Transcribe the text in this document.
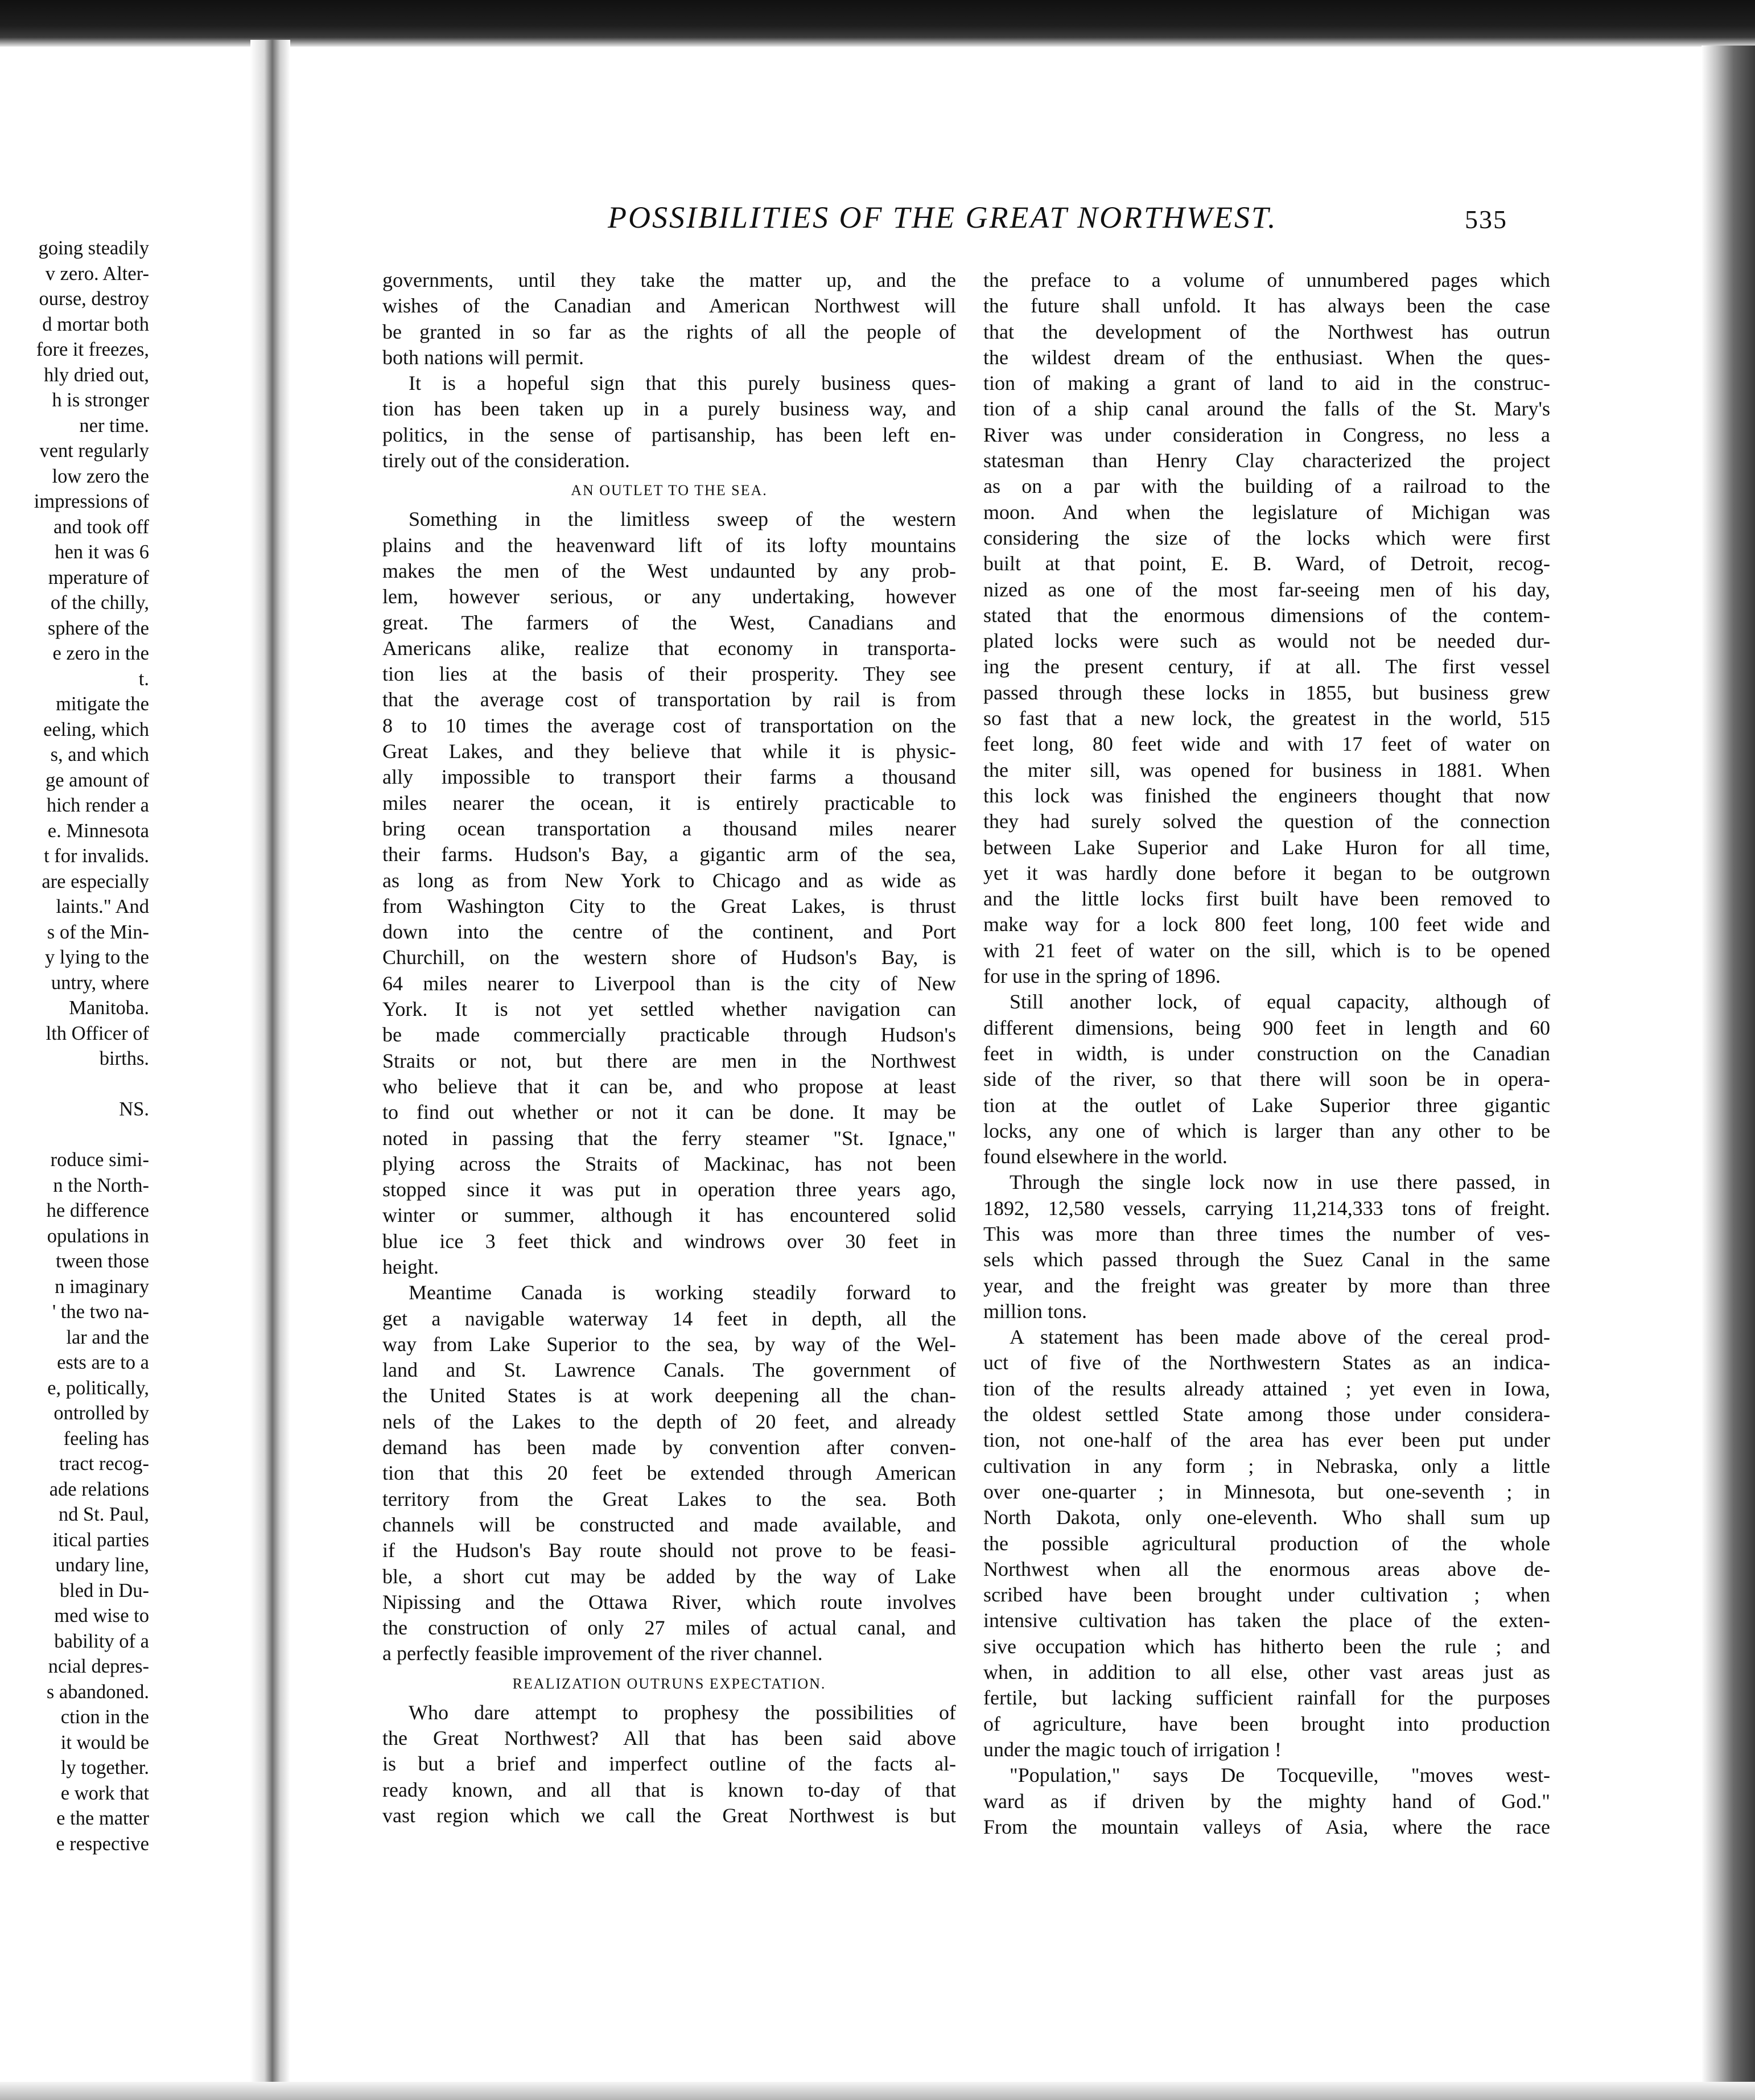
going steadily
v zero. Alter-
ourse, destroy
d mortar both
fore it freezes,
hly dried out,
h is stronger
ner time.
vent regularly
low zero the
impressions of
and took off
hen it was 6
mperature of
of the chilly,
sphere of the
e zero in the
t.
mitigate the
eeling, which
s, and which
ge amount of
hich render a
e. Minnesota
t for invalids.
are especially
laints." And
s of the Min-
y lying to the
untry, where
Manitoba.
lth Officer of
births.
NS.
roduce simi-
n the North-
he difference
opulations in
tween those
n imaginary
' the two na-
lar and the
ests are to a
e, politically,
ontrolled by
feeling has
tract recog-
ade relations
nd St. Paul,
itical parties
undary line,
bled in Du-
med wise to
bability of a
ncial depres-
s abandoned.
ction in the
it would be
ly together.
e work that
e the matter
e respective
POSSIBILITIES OF THE GREAT NORTHWEST.	535

governments, until they take the matter up, and the
wishes of the Canadian and American Northwest will
be granted in so far as the rights of all the people of
both nations will permit.

It is a hopeful sign that this purely business ques-
tion has been taken up in a purely business way, and
politics, in the sense of partisanship, has been left en-
tirely out of the consideration.

AN OUTLET TO THE SEA.

Something in the limitless sweep of the western
plains and the heavenward lift of its lofty mountains
makes the men of the West undaunted by any prob-
lem, however serious, or any undertaking, however
great. The farmers of the West, Canadians and
Americans alike, realize that economy in transporta-
tion lies at the basis of their prosperity. They see
that the average cost of transportation by rail is from
8 to 10 times the average cost of transportation on the
Great Lakes, and they believe that while it is physic-
ally impossible to transport their farms a thousand
miles nearer the ocean, it is entirely practicable to
bring ocean transportation a thousand miles nearer
their farms. Hudson's Bay, a gigantic arm of the sea,
as long as from New York to Chicago and as wide as
from Washington City to the Great Lakes, is thrust
down into the centre of the continent, and Port
Churchill, on the western shore of Hudson's Bay, is
64 miles nearer to Liverpool than is the city of New
York. It is not yet settled whether navigation can
be made commercially practicable through Hudson's
Straits or not, but there are men in the Northwest
who believe that it can be, and who propose at least
to find out whether or not it can be done. It may be
noted in passing that the ferry steamer "St. Ignace,"
plying across the Straits of Mackinac, has not been
stopped since it was put in operation three years ago,
winter or summer, although it has encountered solid
blue ice 3 feet thick and windrows over 30 feet in
height.

Meantime Canada is working steadily forward to
get a navigable waterway 14 feet in depth, all the
way from Lake Superior to the sea, by way of the Wel-
land and St. Lawrence Canals. The government of
the United States is at work deepening all the chan-
nels of the Lakes to the depth of 20 feet, and already
demand has been made by convention after conven-
tion that this 20 feet be extended through American
territory from the Great Lakes to the sea. Both
channels will be constructed and made available, and
if the Hudson's Bay route should not prove to be feasi-
ble, a short cut may be added by the way of Lake
Nipissing and the Ottawa River, which route involves
the construction of only 27 miles of actual canal, and
a perfectly feasible improvement of the river channel.

REALIZATION OUTRUNS EXPECTATION.

Who dare attempt to prophesy the possibilities of
the Great Northwest? All that has been said above
is but a brief and imperfect outline of the facts al-
ready known, and all that is known to-day of that
vast region which we call the Great Northwest is but

the preface to a volume of unnumbered pages which
the future shall unfold. It has always been the case
that the development of the Northwest has outrun
the wildest dream of the enthusiast. When the ques-
tion of making a grant of land to aid in the construc-
tion of a ship canal around the falls of the St. Mary's
River was under consideration in Congress, no less a
statesman than Henry Clay characterized the project
as on a par with the building of a railroad to the
moon. And when the legislature of Michigan was
considering the size of the locks which were first
built at that point, E. B. Ward, of Detroit, recog-
nized as one of the most far-seeing men of his day,
stated that the enormous dimensions of the contem-
plated locks were such as would not be needed dur-
ing the present century, if at all. The first vessel
passed through these locks in 1855, but business grew
so fast that a new lock, the greatest in the world, 515
feet long, 80 feet wide and with 17 feet of water on
the miter sill, was opened for business in 1881. When
this lock was finished the engineers thought that now
they had surely solved the question of the connection
between Lake Superior and Lake Huron for all time,
yet it was hardly done before it began to be outgrown
and the little locks first built have been removed to
make way for a lock 800 feet long, 100 feet wide and
with 21 feet of water on the sill, which is to be opened
for use in the spring of 1896.

Still another lock, of equal capacity, although of
different dimensions, being 900 feet in length and 60
feet in width, is under construction on the Canadian
side of the river, so that there will soon be in opera-
tion at the outlet of Lake Superior three gigantic
locks, any one of which is larger than any other to be
found elsewhere in the world.

Through the single lock now in use there passed, in
1892, 12,580 vessels, carrying 11,214,333 tons of freight.
This was more than three times the number of ves-
sels which passed through the Suez Canal in the same
year, and the freight was greater by more than three
million tons.

A statement has been made above of the cereal prod-
uct of five of the Northwestern States as an indica-
tion of the results already attained ; yet even in Iowa,
the oldest settled State among those under considera-
tion, not one-half of the area has ever been put under
cultivation in any form ; in Nebraska, only a little
over one-quarter ; in Minnesota, but one-seventh ; in
North Dakota, only one-eleventh. Who shall sum up
the possible agricultural production of the whole
Northwest when all the enormous areas above de-
scribed have been brought under cultivation ; when
intensive cultivation has taken the place of the exten-
sive occupation which has hitherto been the rule ; and
when, in addition to all else, other vast areas just as
fertile, but lacking sufficient rainfall for the purposes
of agriculture, have been brought into production
under the magic touch of irrigation !

"Population," says De Tocqueville, "moves west-
ward as if driven by the mighty hand of God."
From the mountain valleys of Asia, where the race
